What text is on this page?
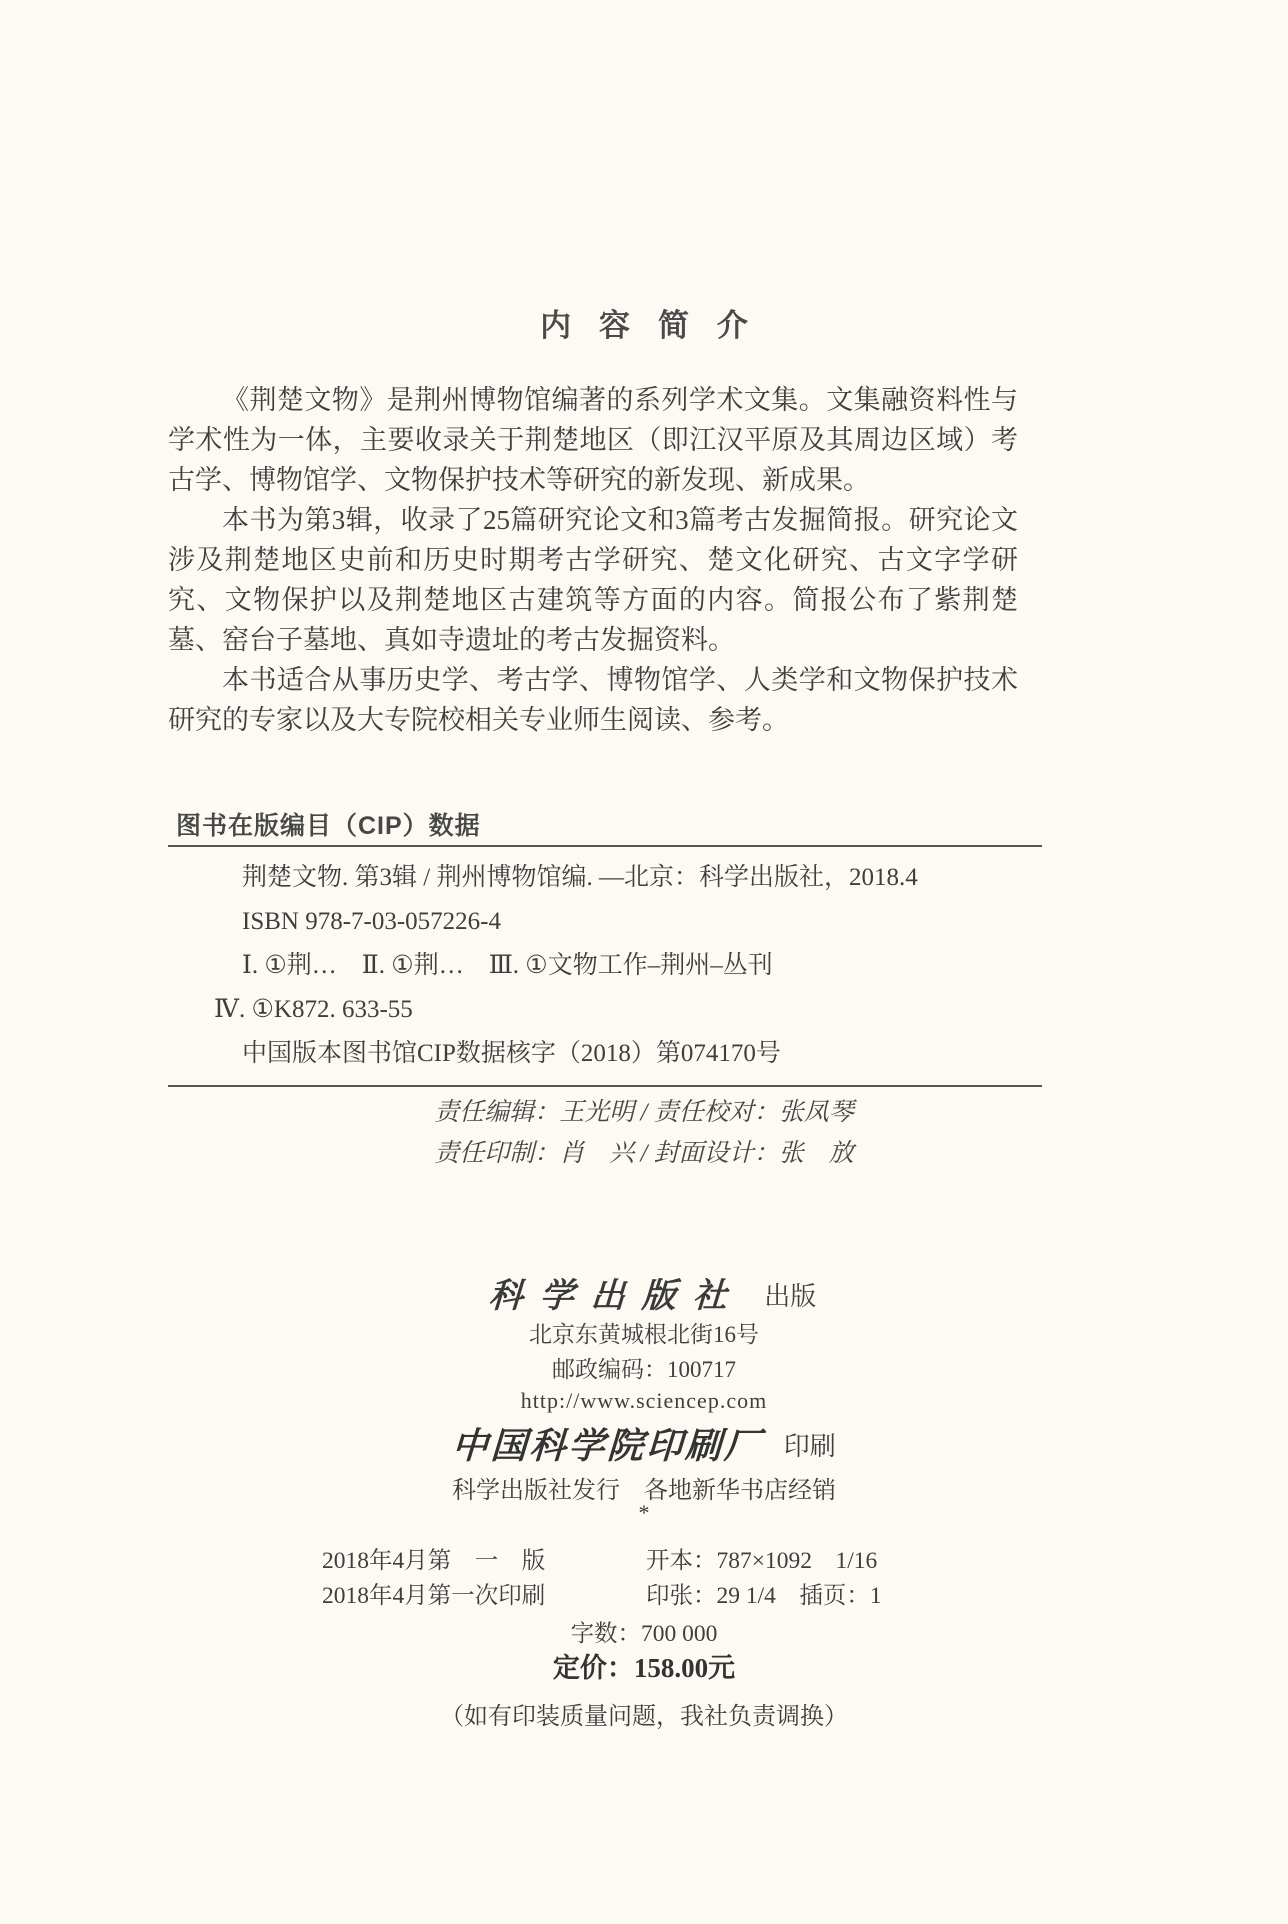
内容简介

《荆楚文物》是荆州博物馆编著的系列学术文集。文集融资料性与学术性为一体，主要收录关于荆楚地区（即江汉平原及其周边区域）考古学、博物馆学、文物保护技术等研究的新发现、新成果。

本书为第3辑，收录了25篇研究论文和3篇考古发掘简报。研究论文涉及荆楚地区史前和历史时期考古学研究、楚文化研究、古文字学研究、文物保护以及荆楚地区古建筑等方面的内容。简报公布了紫荆楚墓、窑台子墓地、真如寺遗址的考古发掘资料。

本书适合从事历史学、考古学、博物馆学、人类学和文物保护技术研究的专家以及大专院校相关专业师生阅读、参考。

图书在版编目（CIP）数据
荆楚文物. 第3辑 / 荆州博物馆编. —北京：科学出版社，2018.4
ISBN 978-7-03-057226-4
Ⅰ. ①荆…　Ⅱ. ①荆…　Ⅲ. ①文物工作–荆州–丛刊
Ⅳ. ①K872. 633-55
中国版本图书馆CIP数据核字（2018）第074170号
责任编辑：王光明 / 责任校对：张凤琴
责任印制：肖　兴 / 封面设计：张　放
科学出版社 出版
北京东黄城根北街16号
邮政编码：100717
http://www.sciencep.com
中国科学院印刷厂 印刷
科学出版社发行　各地新华书店经销
*
2018年4月第　一　版	开本：787×1092　1/16
2018年4月第一次印刷	印张：29 1/4　插页：1
字数：700 000
定价：158.00元
（如有印装质量问题，我社负责调换）
